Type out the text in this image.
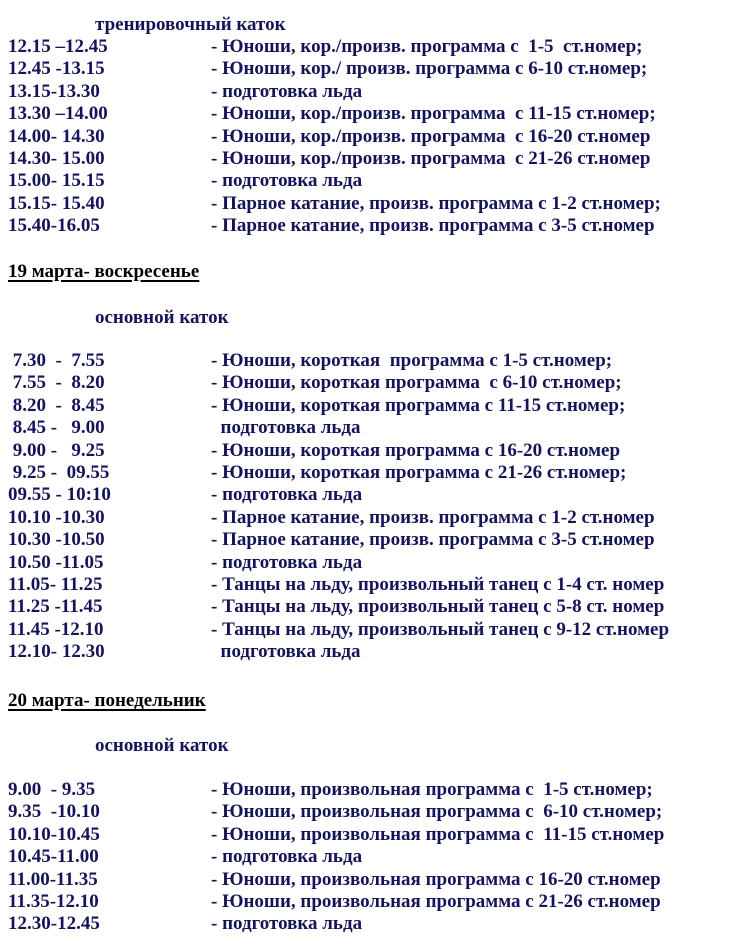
тренировочный каток
12.15 –12.45	- Юноши, кор./произв. программа с  1-5  ст.номер;
12.45 -13.15	- Юноши, кор./ произв. программа с 6-10 ст.номер;
13.15-13.30	- подготовка льда
13.30 –14.00	- Юноши, кор./произв. программа  с 11-15 ст.номер;
14.00- 14.30	- Юноши, кор./произв. программа  с 16-20 ст.номер
14.30- 15.00	- Юноши, кор./произв. программа  с 21-26 ст.номер
15.00- 15.15	- подготовка льда
15.15- 15.40	- Парное катание, произв. программа с 1-2 ст.номер;
15.40-16.05	- Парное катание, произв. программа с 3-5 ст.номер
19 марта- воскресенье
основной каток
7.30  -  7.55	- Юноши, короткая  программа с 1-5 ст.номер;
7.55  -  8.20	- Юноши, короткая программа  с 6-10 ст.номер;
8.20  -  8.45	- Юноши, короткая программа с 11-15 ст.номер;
8.45 -   9.00	подготовка льда
9.00 -   9.25	- Юноши, короткая программа с 16-20 ст.номер
9.25 -  09.55	- Юноши, короткая программа с 21-26 ст.номер;
09.55 - 10:10	- подготовка льда
10.10 -10.30	- Парное катание, произв. программа с 1-2 ст.номер
10.30 -10.50	- Парное катание, произв. программа с 3-5 ст.номер
10.50 -11.05	- подготовка льда
11.05- 11.25	- Танцы на льду, произвольный танец с 1-4 ст. номер
11.25 -11.45	- Танцы на льду, произвольный танец с 5-8 ст. номер
11.45 -12.10	- Танцы на льду, произвольный танец с 9-12 ст.номер
12.10- 12.30	подготовка льда
20 марта- понедельник
основной каток
9.00  - 9.35	- Юноши, произвольная программа с  1-5 ст.номер;
9.35  -10.10	- Юноши, произвольная программа с  6-10 ст.номер;
10.10-10.45	- Юноши, произвольная программа с  11-15 ст.номер
10.45-11.00	- подготовка льда
11.00-11.35	- Юноши, произвольная программа с 16-20 ст.номер
11.35-12.10	- Юноши, произвольная программа с 21-26 ст.номер
12.30-12.45	- подготовка льда
